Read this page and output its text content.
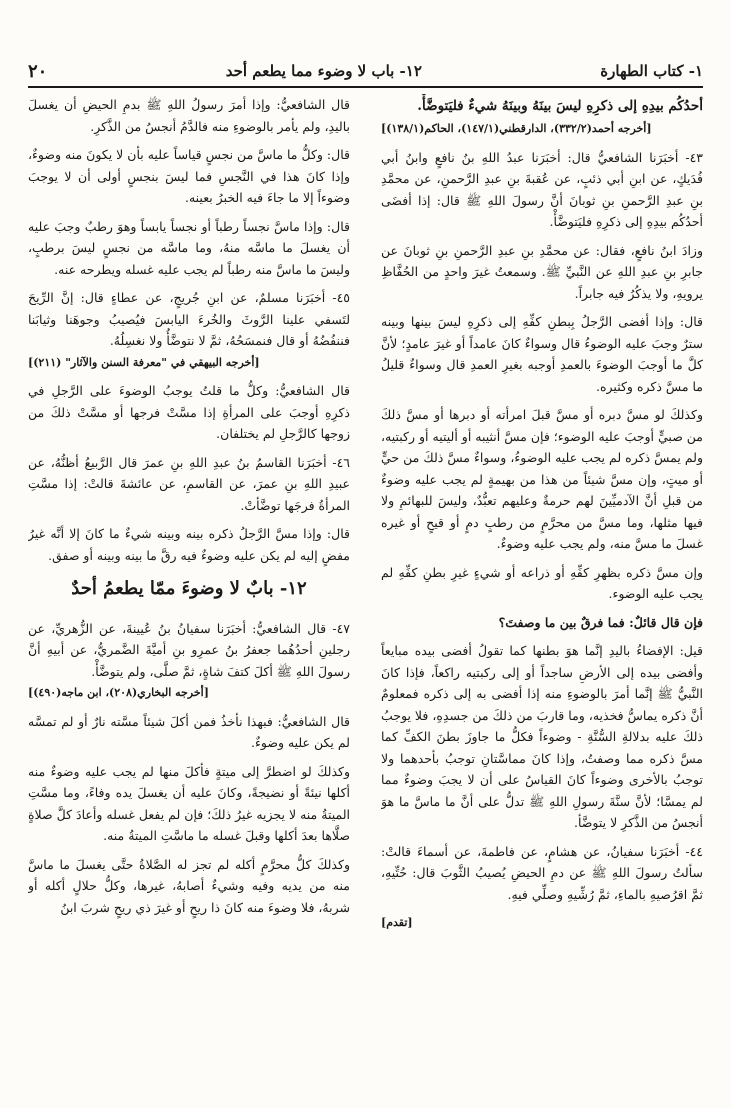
١- كتاب الطهارة
١٢- باب لا وضوء مما يطعم أحد
٢٠

أحدُكُم بيدِهِ إلى ذكرِهِ ليسَ بينَهُ وبينَهُ شيءٌ فليَتوضَّأْ.
[أخرجه أحمد(٣٣٢/٢)، الدارقطني(١٤٧/١)، الحاكم(١٣٨/١)]

٤٣- أخبَرَنا الشافعيُّ قال: أخبَرَنا عبدُ اللهِ بنُ نافعٍ وابنُ أبي فُدَيكٍ، عن ابنِ أبي ذئبٍ، عن عُقبةَ بنِ عبدِ الرَّحمنِ، عن محمَّدِ بنِ عبدِ الرَّحمنِ بنِ ثوبانَ أنَّ رسولَ اللهِ ﷺ قال: إذا أفضَى أحدُكُم بيدِهِ إلى ذكرِهِ فليَتوضَّأْ.

وزادَ ابنُ نافعٍ، فقال: عن محمَّدِ بنِ عبدِ الرَّحمنِ بنِ ثوبانَ عن جابرِ بنِ عبدِ اللهِ عن النَّبيِّ ﷺ. وسمعتُ غيرَ واحدٍ من الحُفَّاظِ يرويهِ، ولا يذكُرُ فيه جابراً.

قال: وإذا أفضى الرَّجلُ بِبطنِ كفِّهِ إلى ذكرِهِ ليسَ بينها وبينه سترٌ وجبَ عليه الوضوءُ قال وسواءٌ كانَ عامداً أو غيرَ عامدٍ؛ لأنَّ كلَّ ما أوجبَ الوضوءَ بالعمدِ أوجبه بغيرِ العمدِ قال وسواءٌ قليلُ ما مسَّ ذكره وكثيره.

وكذلكَ لو مسَّ دبره أو مسَّ قبلَ امرأته أو دبرها أو مسَّ ذلكَ من صبيٍّ أوجبَ عليه الوضوء؛ فإن مسَّ أنثيبه أو أليتيه أو ركبتيه، ولم يمسَّ ذكره لم يجب عليه الوضوءُ، وسواءٌ مسَّ ذلكَ من حيٍّ أو ميتٍ، وإن مسَّ شيئاً من هذا من بهيمةٍ لم يجب عليه وضوءٌ من قبلِ أنَّ الآدميِّينَ لهم حرمةٌ وعليهم تعبُّدٌ، وليسَ للبهائمِ ولا فيها مثلها، وما مسَّ من محرَّمٍ من رطبٍ دمٍ أو قيحٍ أو غيره غسلَ ما مسَّ منه، ولم يجب عليه وضوءٌ.

وإن مسَّ ذكره بظهرِ كفِّهِ أو ذراعه أو شيءٍ غيرِ بطنِ كفِّهِ لم يجب عليه الوضوء.

فإن قال قائلٌ: فما فرقٌ بين ما وصفتَ؟

قيل: الإفضاءُ باليدِ إنَّما هوَ بطنها كما تقولُ أفضى بيده مبايعاً وأفضى بيده إلى الأرضِ ساجداً أو إلى ركبتيه راكعاً، فإذا كانَ النَّبيُّ ﷺ إنَّما أمرَ بالوضوءِ منه إذا أفضى به إلى ذكره فمعلومٌ أنَّ ذكره يماسُّ فخذيه، وما قاربَ من ذلكَ من جسدِهِ، فلا يوجبُ ذلكَ عليه بدلالةِ السُّنَّةِ - وضوءاً فكلُّ ما جاوزَ بطنَ الكفِّ كما مسَّ ذكره مما وصفتُ، وإذا كانَ مماسَّتانِ توجبُ بأحدهما ولا توجبُ بالأخرى وضوءاً كانَ القياسُ على أن لا يجبَ وضوءٌ مما لم يمسَّا؛ لأنَّ سنَّةَ رسولِ اللهِ ﷺ تدلُّ على أنَّ ما ماسَّ ما هوَ أنجسُ من الذَّكرِ لا يتوضَّأ.

٤٤- أخبَرَنا سفيانُ، عن هشامٍ، عن فاطمةَ، عن أسماءَ قالتْ: سألتُ رسولَ اللهِ ﷺ عن دمِ الحيضِ يُصيبُ الثَّوبَ قال: حُتِّيهِ، ثمَّ اقرُصيهِ بالماءِ، ثمَّ رُشِّيهِ وصلِّي فيهِ.

[تقدم]

قال الشافعيُّ: وإذا أمرَ رسولُ اللهِ ﷺ بدمِ الحيضِ أن يغسلَ باليدِ، ولم يأمر بالوضوءِ منه فالدَّمُ أنجسُ من الذَّكرِ.

قال: وكلُّ ما ماسَّ من نجسٍ قياساً عليه بأن لا يكونَ منه وضوءٌ، وإذا كانَ هذا في النَّجسِ فما ليسَ بنجسٍ أولى أن لا يوجبَ وضوءاً إلا ما جاءَ فيه الخبرُ بعينه.

قال: وإذا ماسَّ نجساً رطباً أو نجساً يابساً وهوَ رطبٌ وجبَ عليه أن يغسلَ ما ماسَّه منهُ، وما ماسَّه من نجسٍ ليسَ برطبٍ، وليسَ ما ماسَّ منه رطباً لم يجب عليه غسله ويطرحه عنه.

٤٥- أخبَرَنا مسلمٌ، عن ابنِ جُريجٍ، عن عطاءٍ قال: إنَّ الرِّيحَ لتَسفي علينا الرَّوثَ والخُرءَ اليابسَ فيُصيبُ وجوهَنا وثيابَنا فننفُضُهُ أو قال فنمسَحُهُ، ثمَّ لا نتوضَّأُ ولا نغسِلُهُ.
[أخرجه البيهقي في "معرفة السنن والآثار" (٢١١)]

قال الشافعيُّ: وكلُّ ما قلتُ يوجبُ الوضوءَ على الرَّجلِ في ذكرِهِ أوجبَ على المرأةِ إذا مسَّتْ فرجها أو مسَّتْ ذلكَ من زوجها كالرَّجلِ لم يختلفان.

٤٦- أخبَرَنا القاسمُ بنُ عبدِ اللهِ بنِ عمرَ قال الرَّبيعُ أظنُّهُ، عن عبيدِ اللهِ بنِ عمرَ، عن القاسمِ، عن عائشةَ قالتْ: إذا مسَّتِ المرأةُ فرجَها توضَّأتْ.

قال: وإذا مسَّ الرَّجلُ ذكره بينه وبينه شيءٌ ما كانَ إلا أنَّه غيرُ مفضٍ إليه لم يكن عليه وضوءٌ فيه رقَّ ما بينه وبينه أو صفق.

١٢- بابٌ لا وضوءَ ممّا يطعمُ أحدٌ

٤٧- قال الشافعيُّ: أخبَرَنا سفيانُ بنُ عُيينةَ، عن الزُّهريِّ، عن رجلينِ أحدُهُما جعفرُ بنُ عمرِو بنِ أميَّةَ الضَّمريُّ، عن أبيهِ أنَّ رسولَ اللهِ ﷺ أكلَ كتفَ شاةٍ، ثمَّ صلَّى، ولم يتوضَّأْ.
[أخرجه البخاري(٢٠٨)، ابن ماجه(٤٩٠)]

قال الشافعيُّ: فبهذا نأخذُ فمن أكلَ شيئاً مسَّته نارٌ أو لم تمسَّه لم يكن عليه وضوءٌ.

وكذلكَ لو اضطرَّ إلى ميتةٍ فأكلَ منها لم يجب عليه وضوءٌ منه أكلها نيئةً أو نضيجةً، وكانَ عليه أن يغسلَ يده وفاءً، وما مسَّتِ الميتةُ منه لا يجزيه غيرُ ذلكَ؛ فإن لم يفعل غسله وأعادَ كلَّ صلاةٍ صلَّاها بعدَ أكلها وقبلَ غسله ما ماسَّتِ الميتةُ منه.

وكذلكَ كلُّ محرَّمٍ أكله لم تجز له الصَّلاةُ حتَّى يغسلَ ما ماسَّ منه من يديه وفيه وشيءٌ أصابهُ، غيرها، وكلُّ حلالٍ أكله أو شربهُ، فلا وضوءَ منه كانَ ذا ريحٍ أو غيرَ ذي ريحٍ شربَ ابنُ
